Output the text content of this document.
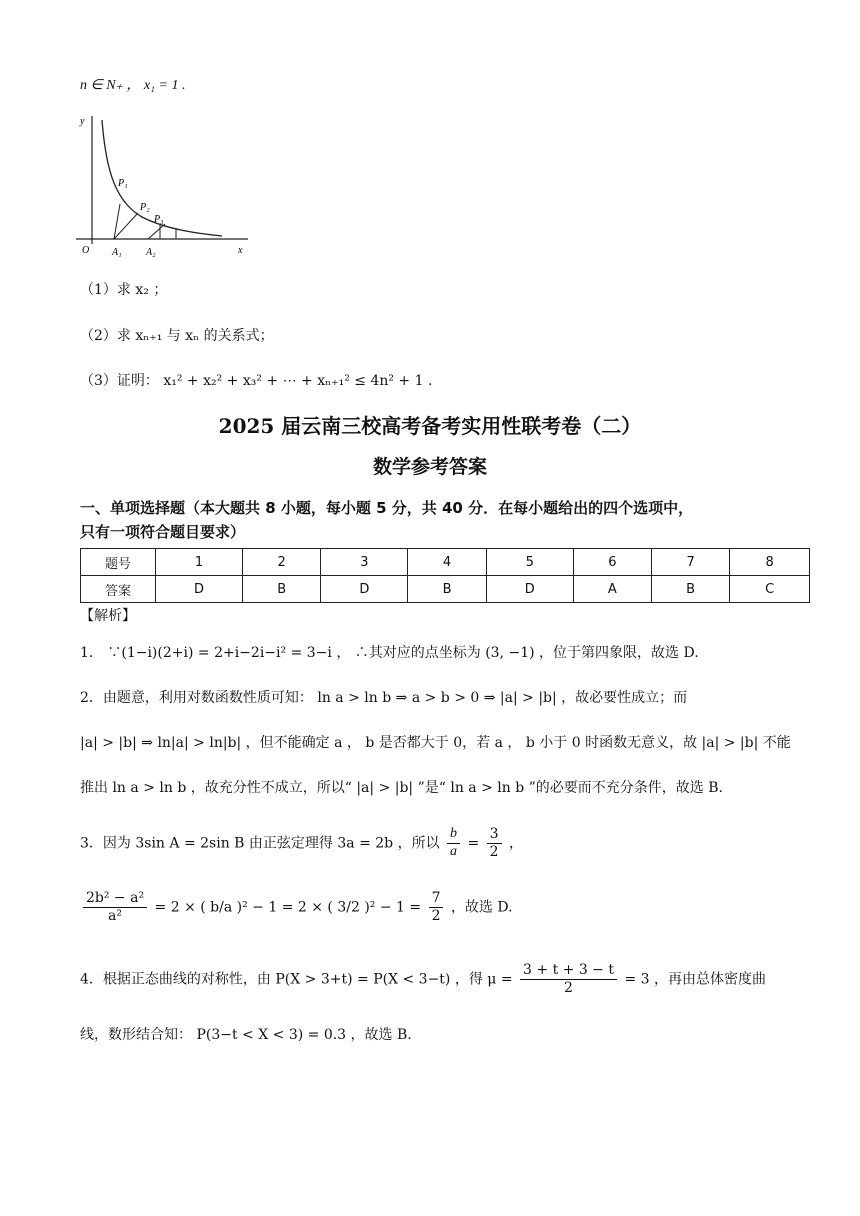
n ∈ N₊ ， x₁ = 1 .
y
x
O
P₁
P₂
P₃
A₁ A₂
（1）求 x₂ ；
（2）求 xₙ₊₁ 与 xₙ 的关系式；
（3）证明： x₁² + x₂² + x₃² + ⋯ + xₙ₊₁² ≤ 4n² + 1 .
2025 届云南三校高考备考实用性联考卷（二）
数学参考答案
一、单项选择题（本大题共 8 小题，每小题 5 分，共 40 分．在每小题给出的四个选项中，
只有一项符合题目要求）
题号	1	2	3	4	5	6	7	8
答案	D	B	D	B	D	A	B	C
【解析】
1． ∵(1−i)(2+i) = 2+i−2i−i² = 3−i ， ∴其对应的点坐标为 (3, −1) ，位于第四象限，故选 D.
2．由题意，利用对数函数性质可知： ln a > ln b ⇒ a > b > 0 ⇒ |a| > |b| ，故必要性成立；而
|a| > |b| ⇒ ln|a| > ln|b| ，但不能确定 a ， b 是否都大于 0，若 a ， b 小于 0 时函数无意义，故 |a| > |b| 不能
推出 ln a > ln b ，故充分性不成立，所以“ |a| > |b| ”是“ ln a > ln b ”的必要而不充分条件，故选 B.
3．因为 3sin A = 2sin B 由正弦定理得 3a = 2b ，所以 $\frac{b}{a} = \frac{3}{2}$ ，
$\frac{\text{2b² − a²}}{\text{a²}} = 2$ × ( b/a )² − 1 = 2 × ( 3/2 )$^2 - 1 = \frac{7}{2}$ ，故选 D.
4．根据正态曲线的对称性，由 P(X > 3+t) = P(X < 3−t) ，得 $\mu = \frac{3 + t + 3 - t}{2} = 3$ ，再由总体密度曲
线，数形结合知： P(3−t < X < 3) = 0.3 ，故选 B.
